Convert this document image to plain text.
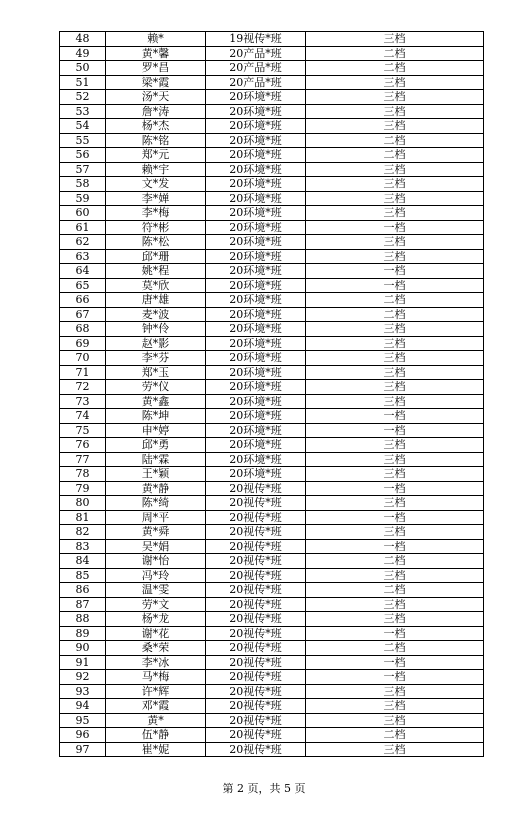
48	赖*	19视传*班	三档
49	黄*馨	20产品*班	二档
50	罗*昌	20产品*班	二档
51	梁*霞	20产品*班	三档
52	汤*天	20环境*班	三档
53	詹*涛	20环境*班	三档
54	杨*杰	20环境*班	三档
55	陈*铭	20环境*班	二档
56	郑*元	20环境*班	二档
57	赖*宇	20环境*班	三档
58	文*发	20环境*班	三档
59	李*婵	20环境*班	三档
60	李*梅	20环境*班	三档
61	符*彬	20环境*班	一档
62	陈*松	20环境*班	三档
63	邱*珊	20环境*班	三档
64	姚*程	20环境*班	一档
65	莫*欣	20环境*班	一档
66	唐*雄	20环境*班	二档
67	麦*波	20环境*班	二档
68	钟*伶	20环境*班	三档
69	赵*影	20环境*班	三档
70	李*芬	20环境*班	三档
71	郑*玉	20环境*班	三档
72	劳*仪	20环境*班	三档
73	黄*鑫	20环境*班	三档
74	陈*坤	20环境*班	一档
75	申*婷	20环境*班	一档
76	邱*勇	20环境*班	三档
77	陆*霖	20环境*班	三档
78	王*颖	20环境*班	三档
79	黄*静	20视传*班	一档
80	陈*绮	20视传*班	三档
81	周*平	20视传*班	一档
82	黄*舜	20视传*班	三档
83	吴*娟	20视传*班	一档
84	谢*怡	20视传*班	二档
85	冯*玲	20视传*班	三档
86	温*雯	20视传*班	二档
87	劳*文	20视传*班	三档
88	杨*龙	20视传*班	三档
89	谢*花	20视传*班	一档
90	桑*荣	20视传*班	二档
91	李*冰	20视传*班	一档
92	马*梅	20视传*班	一档
93	许*辉	20视传*班	三档
94	邓*霞	20视传*班	三档
95	黄*	20视传*班	三档
96	伍*静	20视传*班	二档
97	崔*妮	20视传*班	三档
第 2 页，共 5 页
